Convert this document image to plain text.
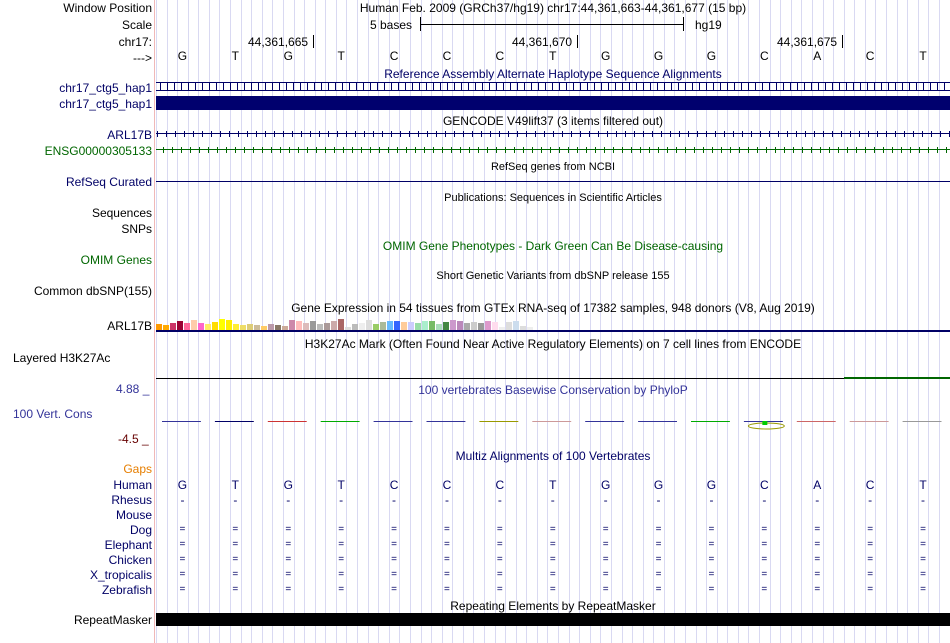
Window Position
Scale
chr17:
--->
Human Feb. 2009 (GRCh37/hg19) chr17:44,361,663-44,361,677 (15 bp)
5 bases	hg19
44,361,665	44,361,670	44,361,675
G	T	G	T	C	C	C	T	G	G	G	C	A	C	T
Reference Assembly Alternate Haplotype Sequence Alignments
chr17_ctg5_hap1
chr17_ctg5_hap1
GENCODE V49lift37 (3 items filtered out)
ARL17B
ENSG00000305133
RefSeq genes from NCBI
RefSeq Curated
Publications: Sequences in Scientific Articles
Sequences
SNPs
OMIM Gene Phenotypes - Dark Green Can Be Disease-causing
OMIM Genes
Short Genetic Variants from dbSNP release 155
Common dbSNP(155)
Gene Expression in 54 tissues from GTEx RNA-seq of 17382 samples, 948 donors (V8, Aug 2019)
ARL17B
H3K27Ac Mark (Often Found Near Active Regulatory Elements) on 7 cell lines from ENCODE
Layered H3K27Ac
100 vertebrates Basewise Conservation by PhyloP
4.88 _
100 Vert. Cons
-4.5 _
Multiz Alignments of 100 Vertebrates
Gaps
Human	G	T	G	T	C	C	C	T	G	G	G	C	A	C	T
Rhesus	-	-	-	-	-	-	-	-	-	-	-	-	-	-	-
Mouse
Dog	=	=	=	=	=	=	=	=	=	=	=	=	=	=	=
Elephant	=	=	=	=	=	=	=	=	=	=	=	=	=	=	=
Chicken	=	=	=	=	=	=	=	=	=	=	=	=	=	=	=
X_tropicalis	=	=	=	=	=	=	=	=	=	=	=	=	=	=	=
Zebrafish	=	=	=	=	=	=	=	=	=	=	=	=	=	=	=
Repeating Elements by RepeatMasker
RepeatMasker
